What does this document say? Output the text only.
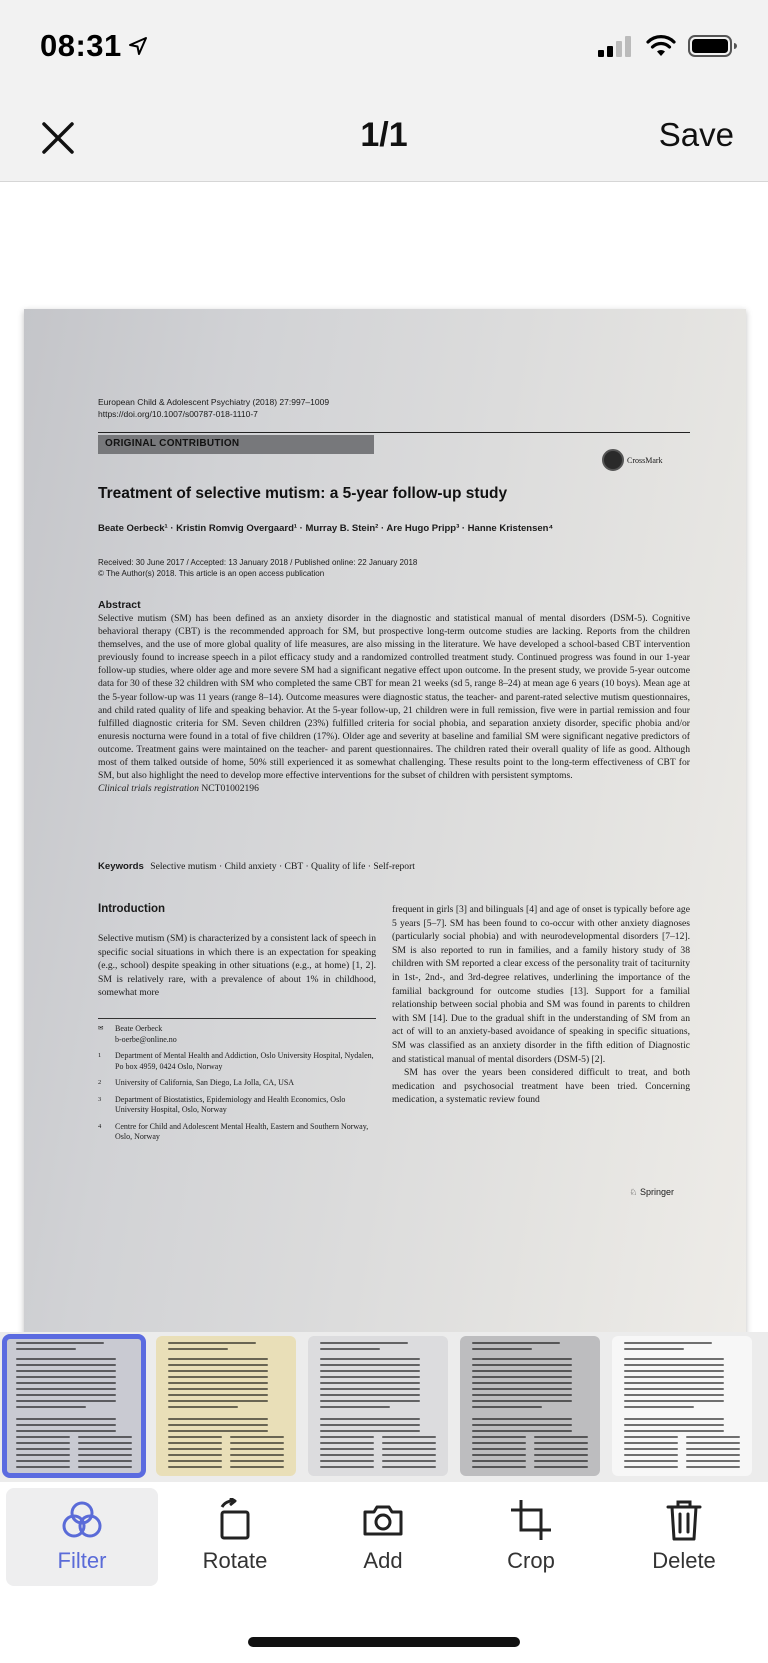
08:31
1/1	Save
European Child & Adolescent Psychiatry (2018) 27:997–1009
https://doi.org/10.1007/s00787-018-1110-7
ORIGINAL CONTRIBUTION
CrossMark
Treatment of selective mutism: a 5-year follow-up study
Beate Oerbeck¹ · Kristin Romvig Overgaard¹ · Murray B. Stein² · Are Hugo Pripp³ · Hanne Kristensen⁴
Received: 30 June 2017 / Accepted: 13 January 2018 / Published online: 22 January 2018
© The Author(s) 2018. This article is an open access publication
Abstract
Selective mutism (SM) has been defined as an anxiety disorder in the diagnostic and statistical manual of mental disorders (DSM-5). Cognitive behavioral therapy (CBT) is the recommended approach for SM, but prospective long-term outcome studies are lacking. Reports from the children themselves, and the use of more global quality of life measures, are also missing in the literature. We have developed a school-based CBT intervention previously found to increase speech in a pilot efficacy study and a randomized controlled treatment study. Continued progress was found in our 1-year follow-up studies, where older age and more severe SM had a significant negative effect upon outcome. In the present study, we provide 5-year outcome data for 30 of these 32 children with SM who completed the same CBT for mean 21 weeks (sd 5, range 8–24) at mean age 6 years (10 boys). Mean age at the 5-year follow-up was 11 years (range 8–14). Outcome measures were diagnostic status, the teacher- and parent-rated selective mutism questionnaires, and child rated quality of life and speaking behavior. At the 5-year follow-up, 21 children were in full remission, five were in partial remission and four fulfilled diagnostic criteria for SM. Seven children (23%) fulfilled criteria for social phobia, and separation anxiety disorder, specific phobia and/or enuresis nocturna were found in a total of five children (17%). Older age and severity at baseline and familial SM were significant negative predictors of outcome. Treatment gains were maintained on the teacher- and parent questionnaires. The children rated their overall quality of life as good. Although most of them talked outside of home, 50% still experienced it as somewhat challenging. These results point to the long-term effectiveness of CBT for SM, but also highlight the need to develop more effective interventions for the subset of children with persistent symptoms.
Clinical trials registration NCT01002196
Keywords Selective mutism · Child anxiety · CBT · Quality of life · Self-report
Introduction
Selective mutism (SM) is characterized by a consistent lack of speech in specific social situations in which there is an expectation for speaking (e.g., school) despite speaking in other situations (e.g., at home) [1, 2]. SM is relatively rare, with a prevalence of about 1% in childhood, somewhat more
✉	Beate Oerbeck
b-oerbe@online.no
1	Department of Mental Health and Addiction, Oslo University Hospital, Nydalen, Po box 4959, 0424 Oslo, Norway
2	University of California, San Diego, La Jolla, CA, USA
3	Department of Biostatistics, Epidemiology and Health Economics, Oslo University Hospital, Oslo, Norway
4	Centre for Child and Adolescent Mental Health, Eastern and Southern Norway, Oslo, Norway

frequent in girls [3] and bilinguals [4] and age of onset is typically before age 5 years [5–7]. SM has been found to co-occur with other anxiety diagnoses (particularly social phobia) and with neurodevelopmental disorders [7–12]. SM is also reported to run in families, and a family history study of 38 children with SM reported a clear excess of the personality trait of taciturnity in 1st-, 2nd-, and 3rd-degree relatives, underlining the importance of the familial background for outcome studies [13]. Support for a familial relationship between social phobia and SM was found in parents to children with SM [14]. Due to the gradual shift in the understanding of SM from an act of will to an anxiety-based avoidance of speaking in specific situations, SM was classified as an anxiety disorder in the fifth edition of Diagnostic and statistical manual of mental disorders (DSM-5) [2].

SM has over the years been considered difficult to treat, and both medication and psychosocial treatment have been tried. Concerning medication, a systematic review found

♘ Springer
Filter	Rotate	Add	Crop	Delete
